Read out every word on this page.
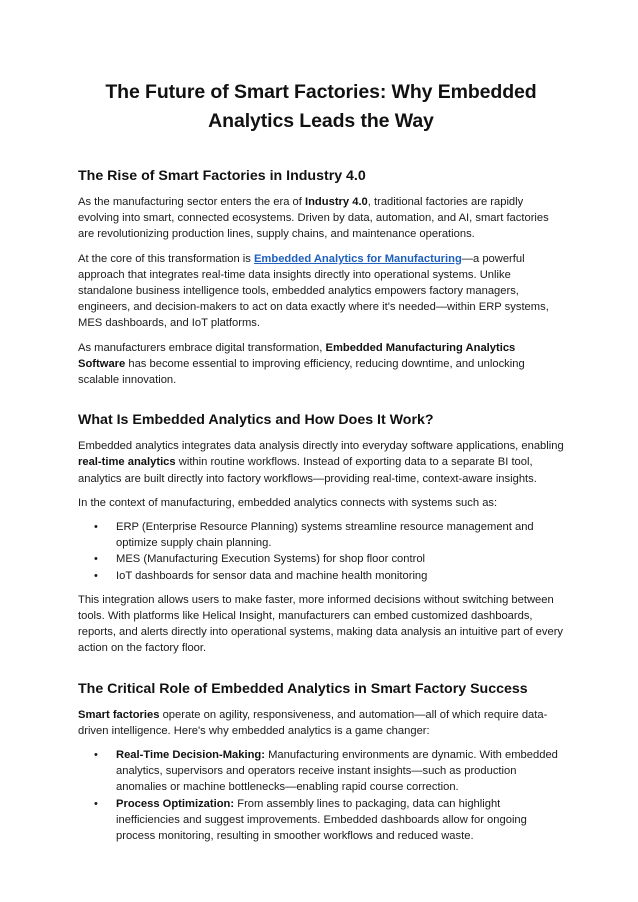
The Future of Smart Factories: Why Embedded Analytics Leads the Way
The Rise of Smart Factories in Industry 4.0

As the manufacturing sector enters the era of Industry 4.0, traditional factories are rapidly evolving into smart, connected ecosystems. Driven by data, automation, and AI, smart factories are revolutionizing production lines, supply chains, and maintenance operations.

At the core of this transformation is Embedded Analytics for Manufacturing—a powerful approach that integrates real-time data insights directly into operational systems. Unlike standalone business intelligence tools, embedded analytics empowers factory managers, engineers, and decision-makers to act on data exactly where it's needed—within ERP systems, MES dashboards, and IoT platforms.

As manufacturers embrace digital transformation, Embedded Manufacturing Analytics Software has become essential to improving efficiency, reducing downtime, and unlocking scalable innovation.

What Is Embedded Analytics and How Does It Work?

Embedded analytics integrates data analysis directly into everyday software applications, enabling real-time analytics within routine workflows. Instead of exporting data to a separate BI tool, analytics are built directly into factory workflows—providing real-time, context-aware insights.

In the context of manufacturing, embedded analytics connects with systems such as:

• ERP (Enterprise Resource Planning) systems streamline resource management and optimize supply chain planning.
• MES (Manufacturing Execution Systems) for shop floor control
• IoT dashboards for sensor data and machine health monitoring

This integration allows users to make faster, more informed decisions without switching between tools. With platforms like Helical Insight, manufacturers can embed customized dashboards, reports, and alerts directly into operational systems, making data analysis an intuitive part of every action on the factory floor.

The Critical Role of Embedded Analytics in Smart Factory Success

Smart factories operate on agility, responsiveness, and automation—all of which require data-driven intelligence. Here's why embedded analytics is a game changer:

• Real-Time Decision-Making: Manufacturing environments are dynamic. With embedded analytics, supervisors and operators receive instant insights—such as production anomalies or machine bottlenecks—enabling rapid course correction.
• Process Optimization: From assembly lines to packaging, data can highlight inefficiencies and suggest improvements. Embedded dashboards allow for ongoing process monitoring, resulting in smoother workflows and reduced waste.
